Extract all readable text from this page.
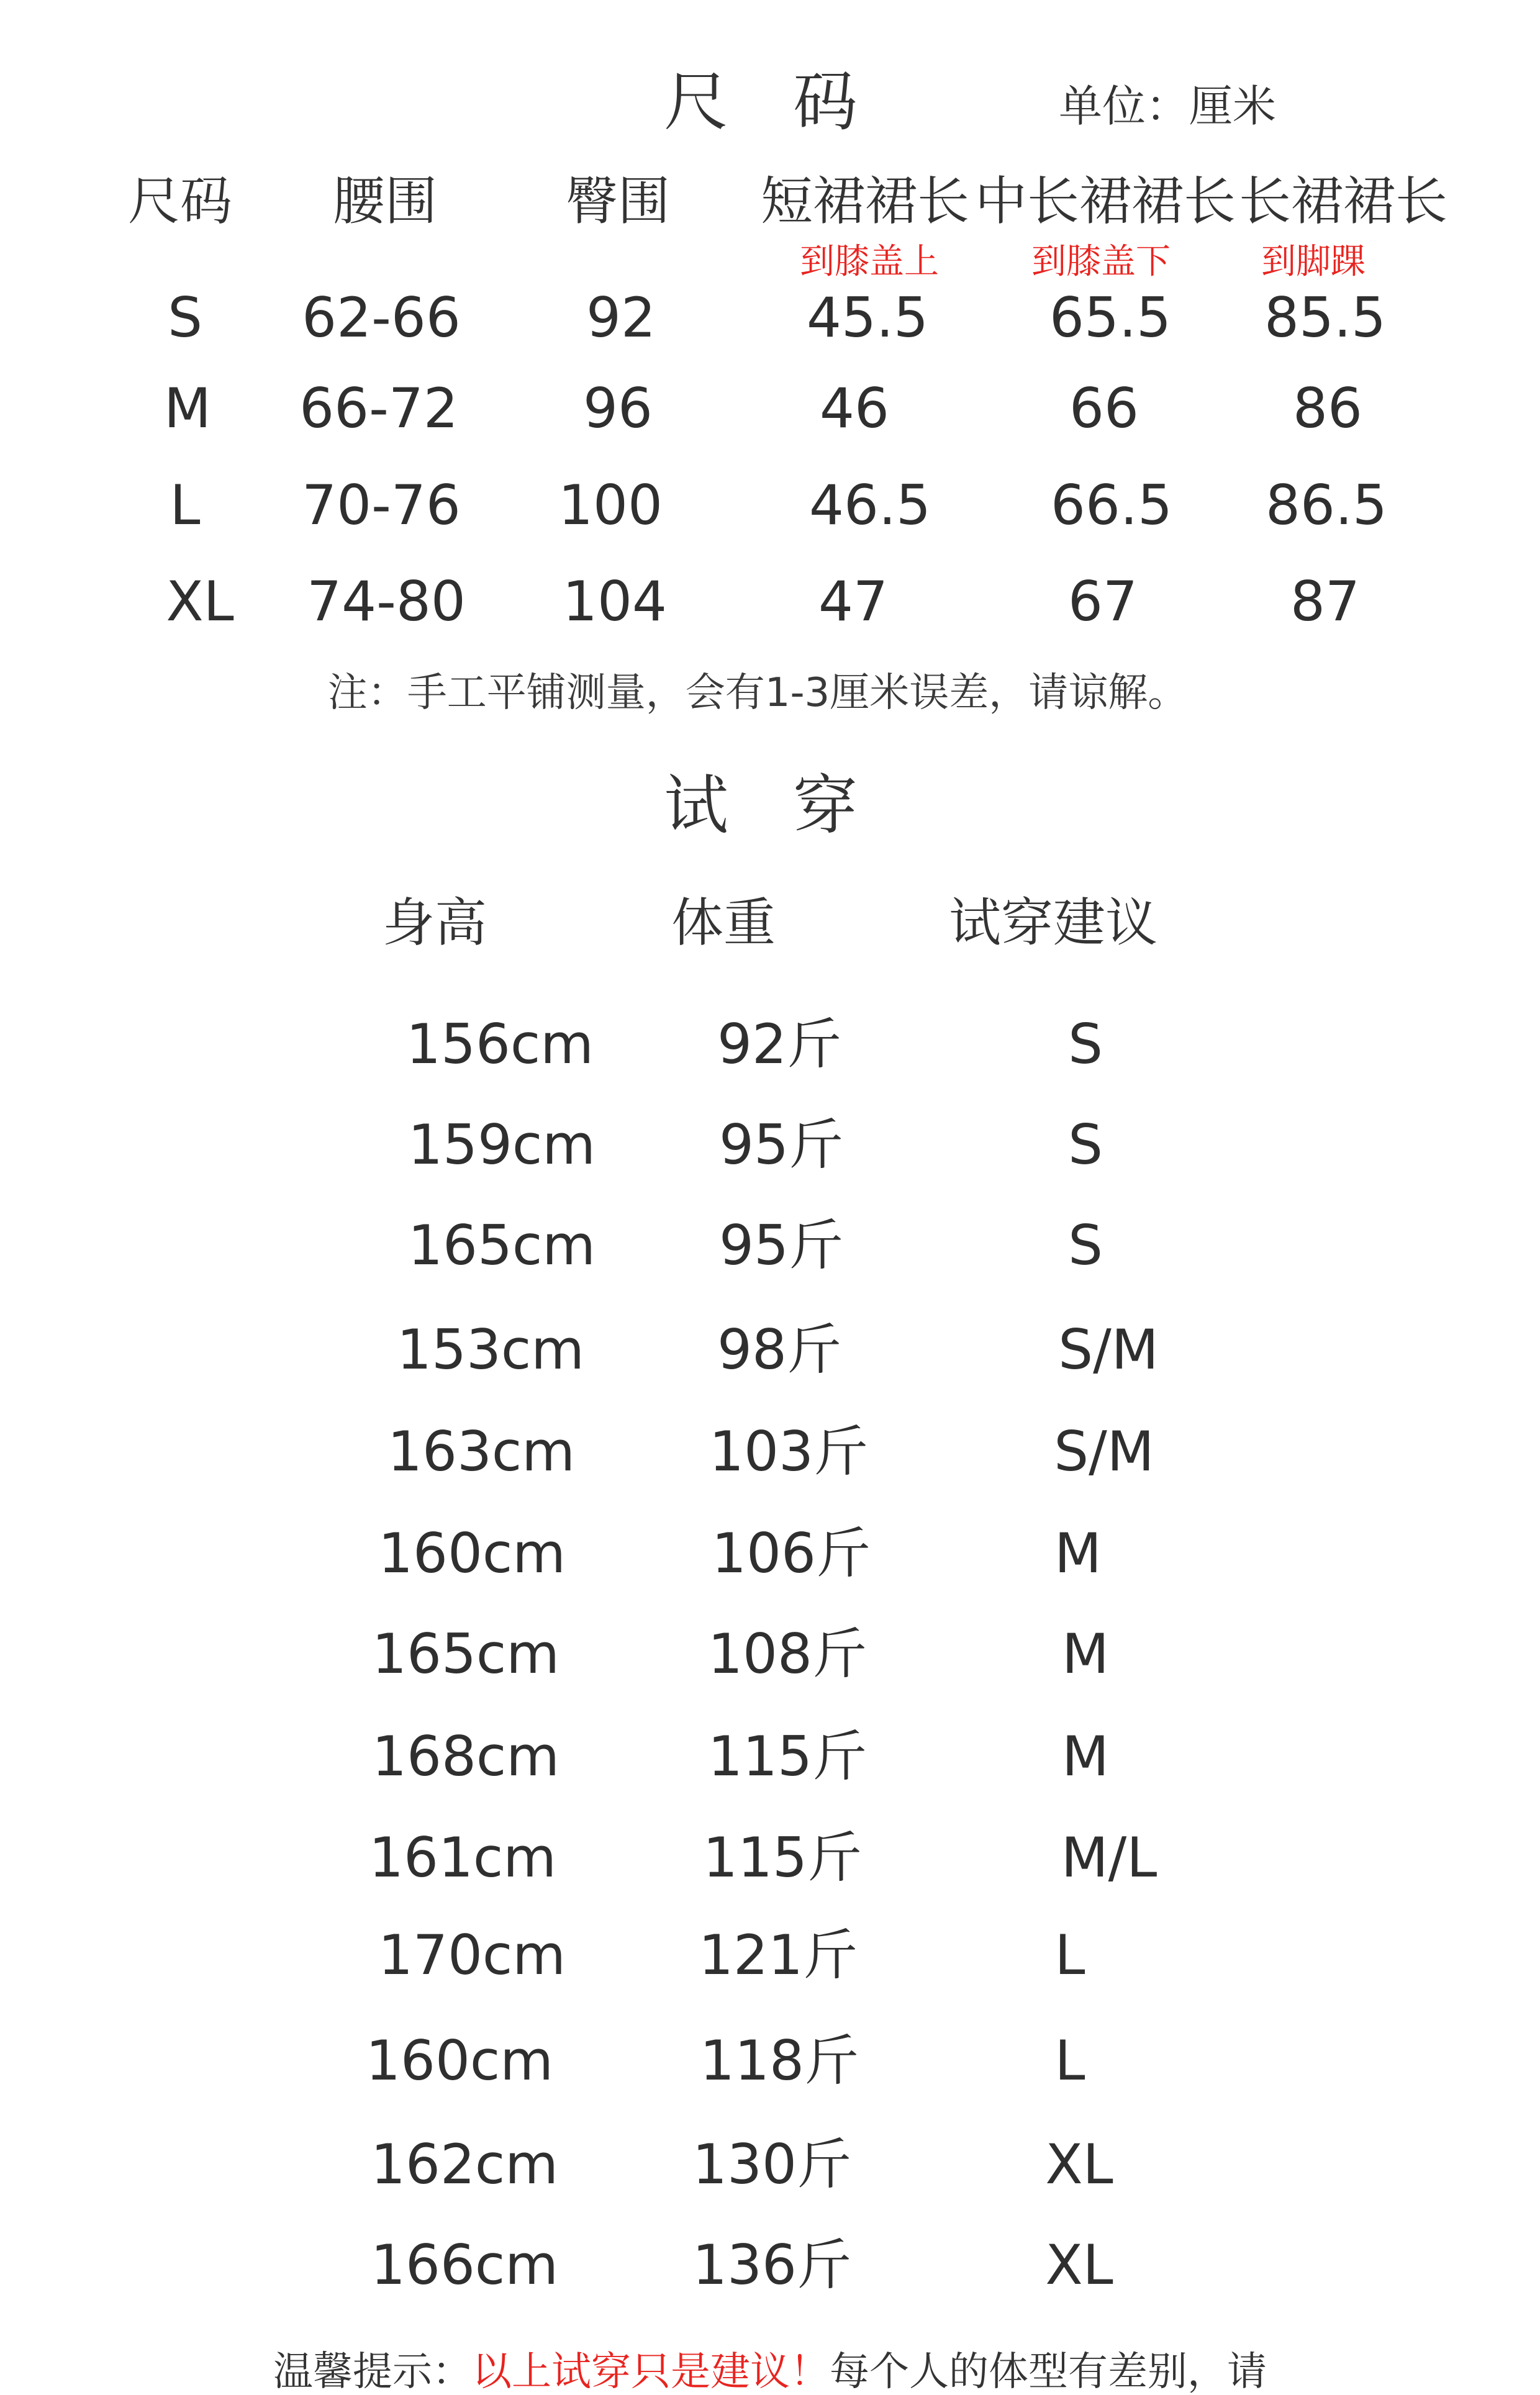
尺　码	单位：厘米
尺码 腰围 臀围 短裙裙长 中长裙裙长 长裙裙长
到膝盖上	到膝盖下	到脚踝
S 62-66 92	45.5 65.5 85.5
M 66-72 96	46	66	86
L 70-76 100	46.5 66.5 86.5
XL 74-80 104	47	67	87
注：手工平铺测量，会有1-3厘米误差，请谅解。
试　穿
身高	体重	试穿建议
156cm 92斤	S
159cm 95斤	S
165cm 95斤	S
153cm 98斤	S/M
163cm 103斤	S/M
160cm	106斤	M
165cm	108斤	M
168cm	115斤	M
161cm	115斤	M/L
170cm 121斤	L
160cm	118斤	L
162cm 130斤	XL
166cm 136斤	XL
温馨提示：以上试穿只是建议！每个人的体型有差别，请
